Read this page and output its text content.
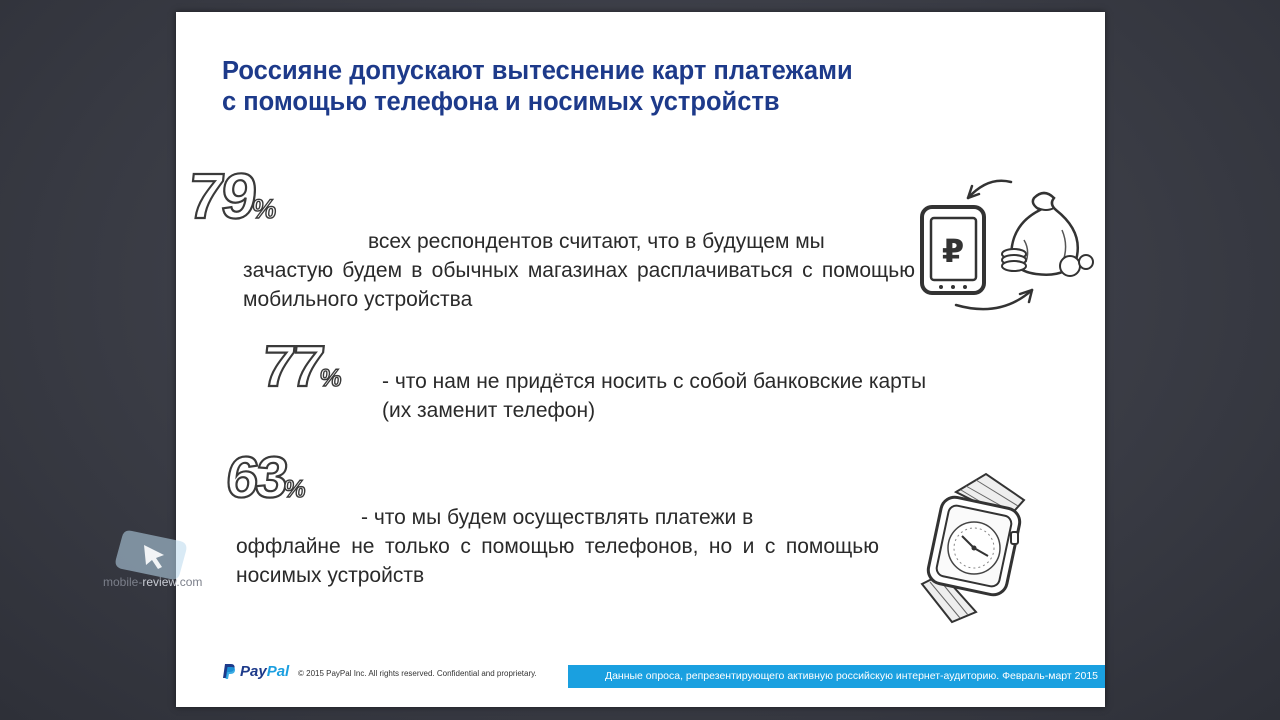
Россияне допускают вытеснение карт платежами
с помощью телефона и носимых устройств
79%
всех респондентов считают, что в будущем мы
зачастую будем в обычных магазинах расплачиваться с помощью мобильного устройства
77% - что нам не придётся носить с собой банковские карты
(их заменит телефон)
63%
- что мы будем осуществлять платежи в
оффлайне не только с помощью телефонов, но и с помощью носимых устройств
₽
PayPal © 2015 PayPal Inc. All rights reserved. Confidential and proprietary.	Данные опроса, репрезентирующего активную российскую интернет-аудиторию. Февраль-март 2015
mobile-review.com
